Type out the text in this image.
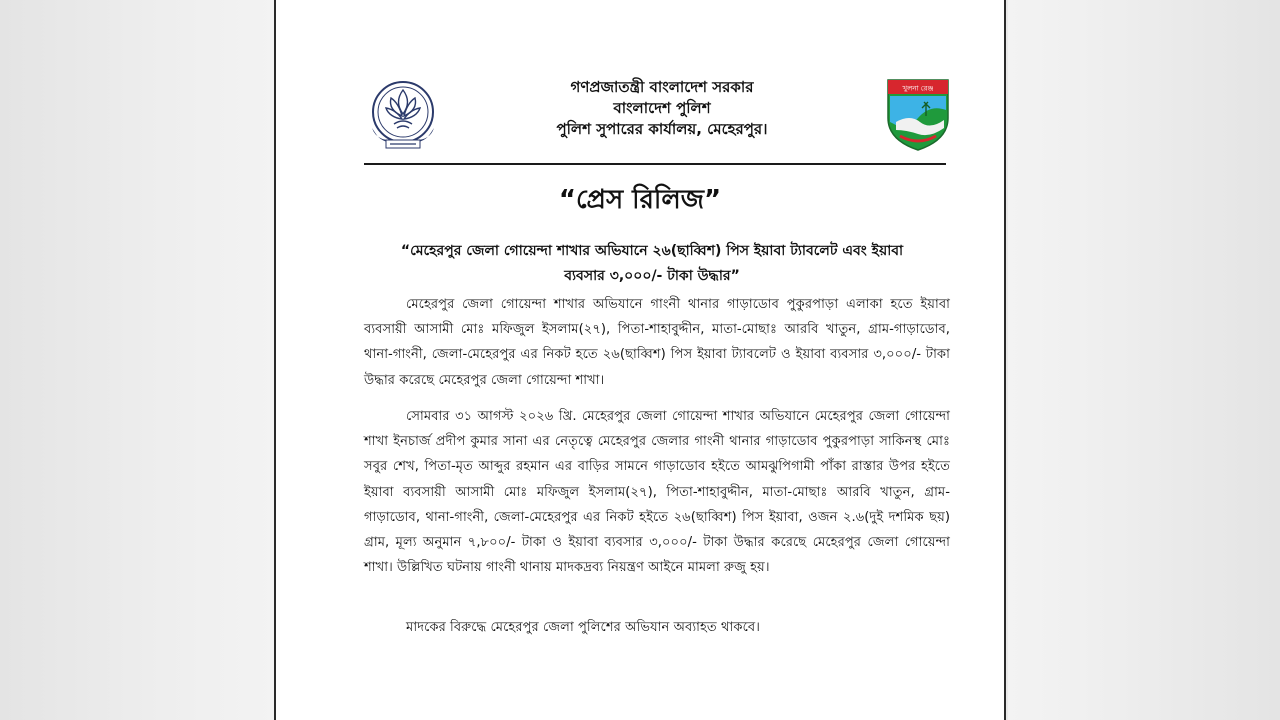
গণপ্রজাতন্ত্রী বাংলাদেশ সরকার
বাংলাদেশ পুলিশ
পুলিশ সুপারের কার্যালয়, মেহেরপুর।
খুলনা রেঞ্জ
“প্রেস রিলিজ”
“মেহেরপুর জেলা গোয়েন্দা শাখার অভিযানে ২৬(ছাব্বিশ) পিস ইয়াবা ট্যাবলেট এবং ইয়াবা
ব্যবসার ৩,০০০/- টাকা উদ্ধার”
মেহেরপুর জেলা গোয়েন্দা শাখার অভিযানে গাংনী থানার গাড়াডোব পুকুরপাড়া এলাকা হতে ইয়াবা ব্যবসায়ী আসামী মোঃ মফিজুল ইসলাম(২৭), পিতা-শাহাবুদ্দীন, মাতা-মোছাঃ আরবি খাতুন, গ্রাম-গাড়াডোব, থানা-গাংনী, জেলা-মেহেরপুর এর নিকট হতে ২৬(ছাব্বিশ) পিস ইয়াবা ট্যাবলেট ও ইয়াবা ব্যবসার ৩,০০০/- টাকা উদ্ধার করেছে মেহেরপুর জেলা গোয়েন্দা শাখা।
সোমবার ৩১ আগস্ট ২০২৬ খ্রি. মেহেরপুর জেলা গোয়েন্দা শাখার অভিযানে মেহেরপুর জেলা গোয়েন্দা শাখা ইনচার্জ প্রদীপ কুমার সানা এর নেতৃত্বে মেহেরপুর জেলার গাংনী থানার গাড়াডোব পুকুরপাড়া সাকিনস্থ মোঃ সবুর শেখ, পিতা-মৃত আব্দুর রহমান এর বাড়ির সামনে গাড়াডোব হইতে আমঝুপিগামী পাঁকা রাস্তার উপর হইতে ইয়াবা ব্যবসায়ী আসামী মোঃ মফিজুল ইসলাম(২৭), পিতা-শাহাবুদ্দীন, মাতা-মোছাঃ আরবি খাতুন, গ্রাম-গাড়াডোব, থানা-গাংনী, জেলা-মেহেরপুর এর নিকট হইতে ২৬(ছাব্বিশ) পিস ইয়াবা, ওজন ২.৬(দুই দশমিক ছয়) গ্রাম, মূল্য অনুমান ৭,৮০০/- টাকা ও ইয়াবা ব্যবসার ৩,০০০/- টাকা উদ্ধার করেছে মেহেরপুর জেলা গোয়েন্দা শাখা। উল্লিখিত ঘটনায় গাংনী থানায় মাদকদ্রব্য নিয়ন্ত্রণ আইনে মামলা রুজু হয়।
মাদকের বিরুদ্ধে মেহেরপুর জেলা পুলিশের অভিযান অব্যাহত থাকবে।
